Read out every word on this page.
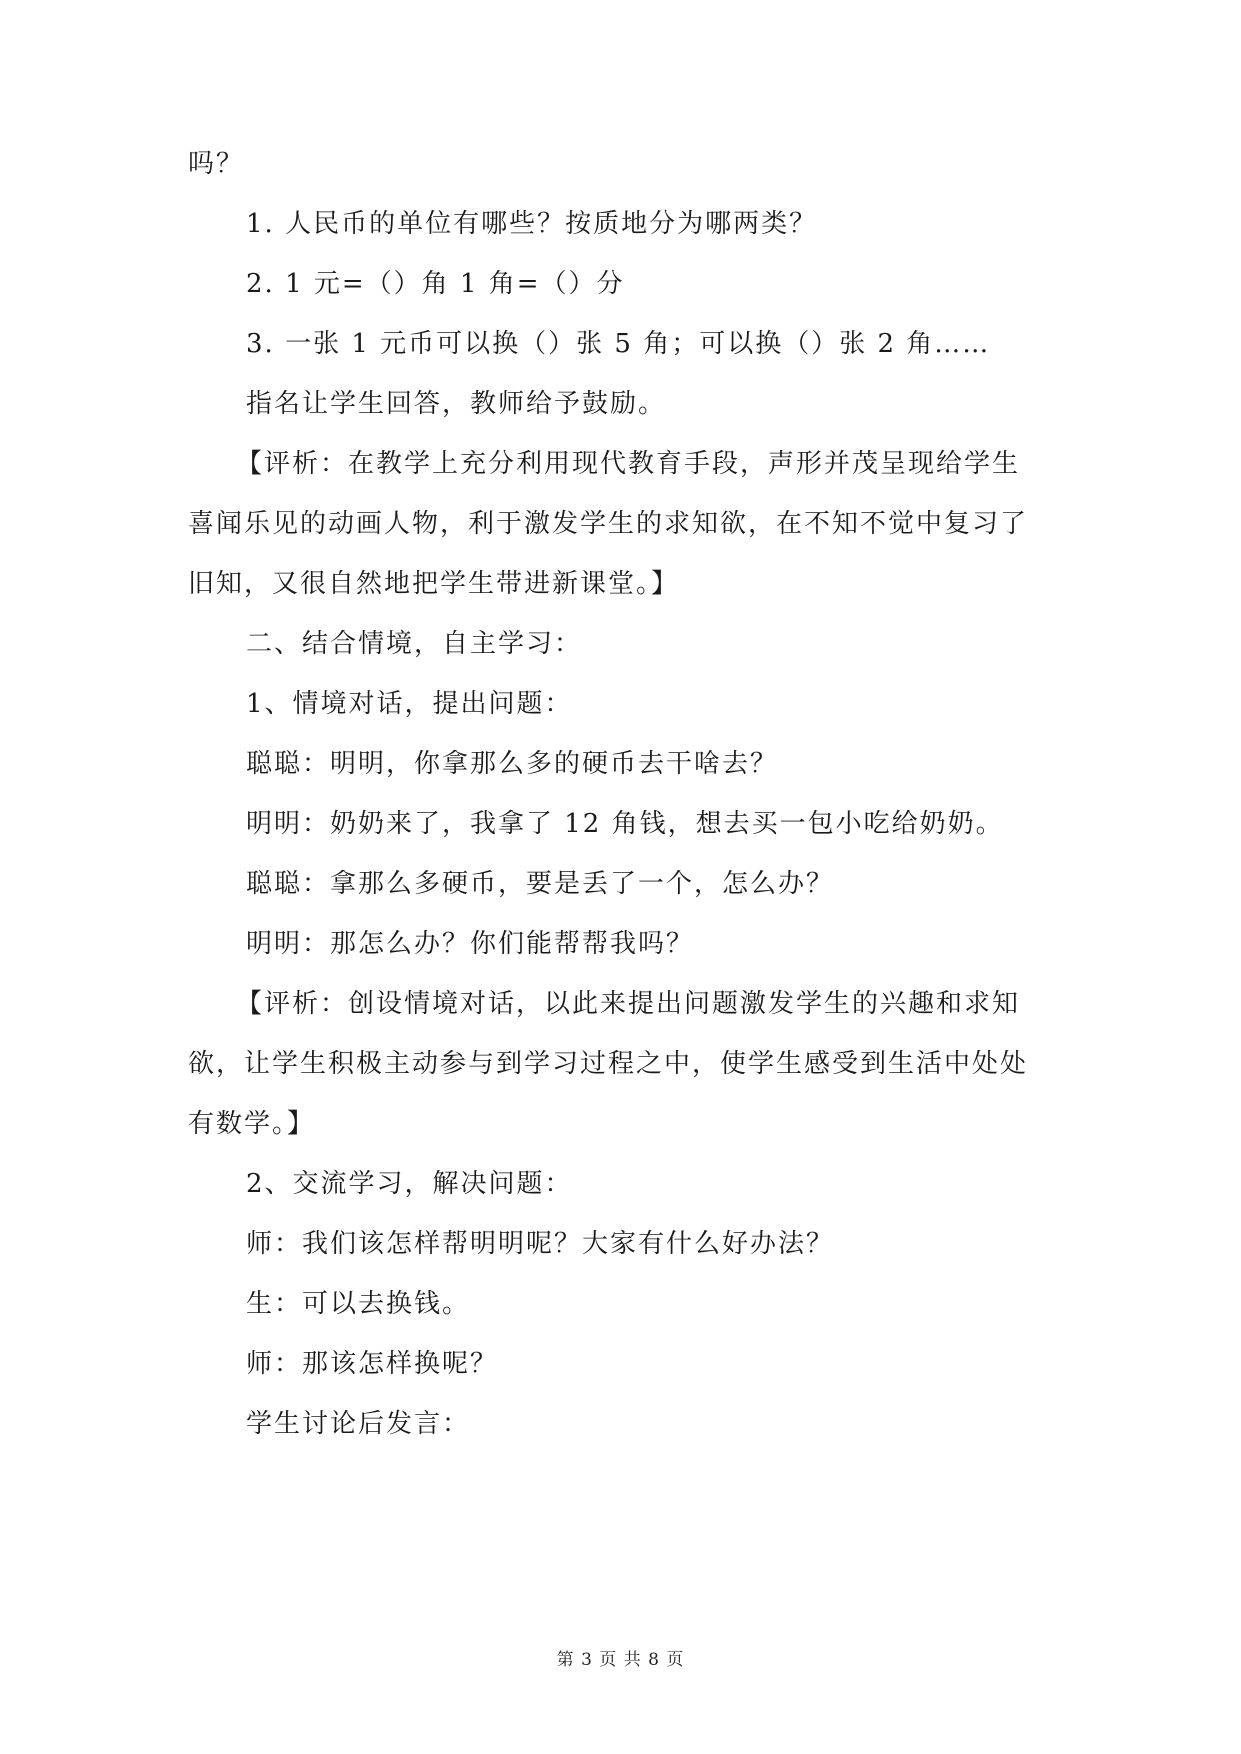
吗？
1. 人民币的单位有哪些？按质地分为哪两类？
2. 1 元=（）角 1 角=（）分
3. 一张 1 元币可以换（）张 5 角；可以换（）张 2 角……
指名让学生回答，教师给予鼓励。
【评析：在教学上充分利用现代教育手段，声形并茂呈现给学生
喜闻乐见的动画人物，利于激发学生的求知欲，在不知不觉中复习了
旧知，又很自然地把学生带进新课堂。】
二、结合情境，自主学习：
1、情境对话，提出问题：
聪聪：明明，你拿那么多的硬币去干啥去？
明明：奶奶来了，我拿了 12 角钱，想去买一包小吃给奶奶。
聪聪：拿那么多硬币，要是丢了一个，怎么办？
明明：那怎么办？你们能帮帮我吗？
【评析：创设情境对话，以此来提出问题激发学生的兴趣和求知
欲，让学生积极主动参与到学习过程之中，使学生感受到生活中处处
有数学。】
2、交流学习，解决问题：
师：我们该怎样帮明明呢？大家有什么好办法？
生：可以去换钱。
师：那该怎样换呢？
学生讨论后发言：
第 3 页 共 8 页
